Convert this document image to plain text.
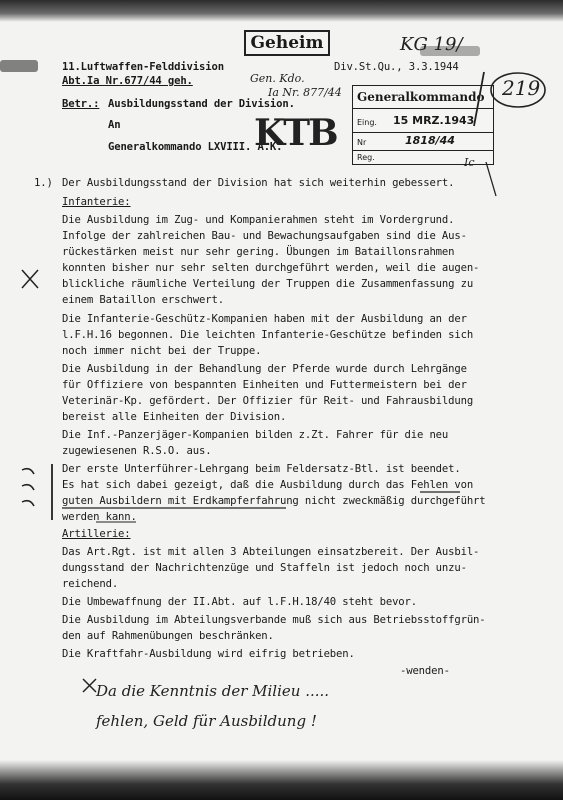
Geheim
11.Luftwaffen-Felddivision
Abt.Ia Nr.677/44 geh.
Div.St.Qu., 3.3.1944
Gen. Kdo.
Ia Nr. 877/44
Betr.: Ausbildungsstand der Division.
An
Generalkommando LXVIII. A.K.
Generalkommando
Eing. 15 MRZ.1943
Nr	1818/44
Reg.
KG 19/
219
KTB
Ic
1.) Der Ausbildungsstand der Division hat sich weiterhin gebessert.
Infanterie:
Die Ausbildung im Zug- und Kompanierahmen steht im Vordergrund.
Infolge der zahlreichen Bau- und Bewachungsaufgaben sind die Aus-
rückestärken meist nur sehr gering. Übungen im Bataillonsrahmen
konnten bisher nur sehr selten durchgeführt werden, weil die augen-
blickliche räumliche Verteilung der Truppen die Zusammenfassung zu
einem Bataillon erschwert.
Die Infanterie-Geschütz-Kompanien haben mit der Ausbildung an der
l.F.H.16 begonnen. Die leichten Infanterie-Geschütze befinden sich
noch immer nicht bei der Truppe.
Die Ausbildung in der Behandlung der Pferde wurde durch Lehrgänge
für Offiziere von bespannten Einheiten und Futtermeistern bei der
Veterinär-Kp. gefördert. Der Offizier für Reit- und Fahrausbildung
bereist alle Einheiten der Division.
Die Inf.-Panzerjäger-Kompanien bilden z.Zt. Fahrer für die neu
zugewiesenen R.S.O. aus.
Der erste Unterführer-Lehrgang beim Feldersatz-Btl. ist beendet.
Es hat sich dabei gezeigt, daß die Ausbildung durch das Fehlen von
guten Ausbildern mit Erdkampferfahrung nicht zweckmäßig durchgeführt
werden kann.
Artillerie:
Das Art.Rgt. ist mit allen 3 Abteilungen einsatzbereit. Der Ausbil-
dungsstand der Nachrichtenzüge und Staffeln ist jedoch noch unzu-
reichend.
Die Umbewaffnung der II.Abt. auf l.F.H.18/40 steht bevor.
Die Ausbildung im Abteilungsverbande muß sich aus Betriebsstoffgrün-
den auf Rahmenübungen beschränken.
Die Kraftfahr-Ausbildung wird eifrig betrieben.
-wenden-
Da die Kenntnis der Milieu .....
fehlen, Geld für Ausbildung !
